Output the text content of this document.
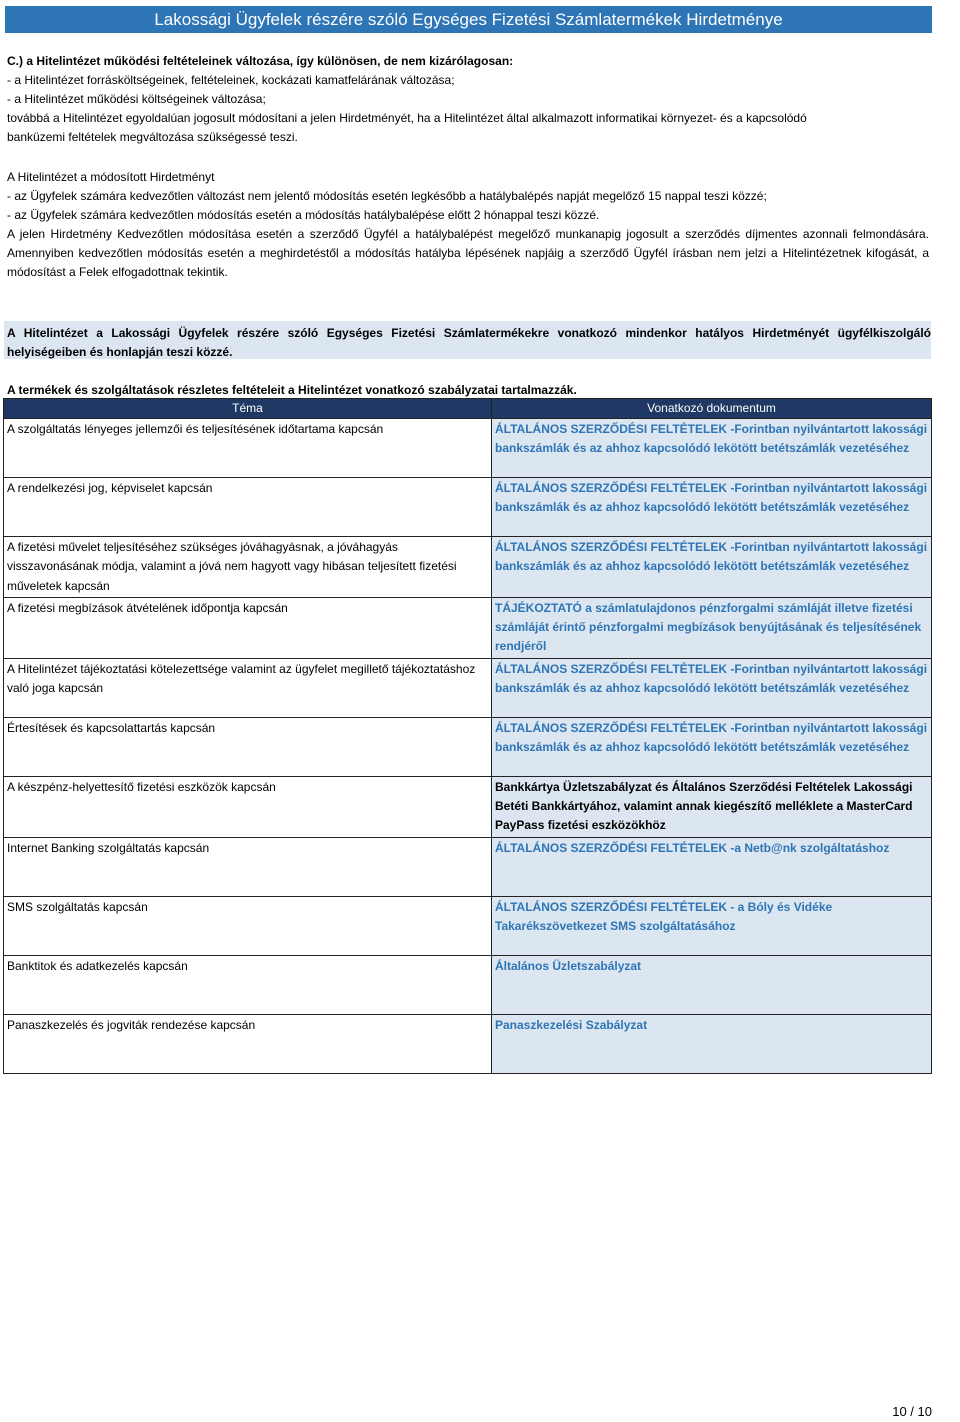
Lakossági Ügyfelek részére szóló Egységes Fizetési Számlatermékek Hirdetménye
C.) a Hitelintézet működési feltételeinek változása, így különösen, de nem kizárólagosan:
- a Hitelintézet forrásköltségeinek, feltételeinek, kockázati kamatfelárának változása;
- a Hitelintézet működési költségeinek változása;
továbbá a Hitelintézet egyoldalúan jogosult módosítani a jelen Hirdetményét, ha a Hitelintézet által alkalmazott informatikai környezet- és a kapcsolódó
banküzemi feltételek megváltozása szükségessé teszi.
A Hitelintézet a módosított Hirdetményt
- az Ügyfelek számára kedvezőtlen változást nem jelentő módosítás esetén legkésőbb a hatálybalépés napját megelőző 15 nappal teszi közzé;
- az Ügyfelek számára kedvezőtlen módosítás esetén a módosítás hatálybalépése előtt 2 hónappal teszi közzé.
A jelen Hirdetmény Kedvezőtlen módosítása esetén a szerződő Ügyfél a hatálybalépést megelőző munkanapig jogosult a szerződés díjmentes azonnali felmondására. Amennyiben kedvezőtlen módosítás esetén a meghirdetéstől a módosítás hatályba lépésének napjáig a szerződő Ügyfél írásban nem jelzi a Hitelintézetnek kifogását, a módosítást a Felek elfogadottnak tekintik.
A Hitelintézet a Lakossági Ügyfelek részére szóló Egységes Fizetési Számlatermékekre vonatkozó mindenkor hatályos Hirdetményét ügyfélkiszolgáló helyiségeiben és honlapján teszi közzé.
A termékek és szolgáltatások részletes feltételeit a Hitelintézet vonatkozó szabályzatai tartalmazzák.
Téma	Vonatkozó dokumentum
A szolgáltatás lényeges jellemzői és teljesítésének időtartama kapcsán	ÁLTALÁNOS SZERZŐDÉSI FELTÉTELEK -Forintban nyilvántartott lakossági bankszámlák és az ahhoz kapcsolódó lekötött betétszámlák vezetéséhez
A rendelkezési jog, képviselet kapcsán	ÁLTALÁNOS SZERZŐDÉSI FELTÉTELEK -Forintban nyilvántartott lakossági bankszámlák és az ahhoz kapcsolódó lekötött betétszámlák vezetéséhez
A fizetési művelet teljesítéséhez szükséges jóváhagyásnak, a jóváhagyás visszavonásának módja, valamint a jóvá nem hagyott vagy hibásan teljesített fizetési műveletek kapcsán	ÁLTALÁNOS SZERZŐDÉSI FELTÉTELEK -Forintban nyilvántartott lakossági bankszámlák és az ahhoz kapcsolódó lekötött betétszámlák vezetéséhez
A fizetési megbízások átvételének időpontja kapcsán	TÁJÉKOZTATÓ a számlatulajdonos pénzforgalmi számláját illetve fizetési számláját érintő pénzforgalmi megbízások benyújtásának és teljesítésének rendjéről
A Hitelintézet tájékoztatási kötelezettsége valamint az ügyfelet megillető tájékoztatáshoz való joga kapcsán	ÁLTALÁNOS SZERZŐDÉSI FELTÉTELEK -Forintban nyilvántartott lakossági bankszámlák és az ahhoz kapcsolódó lekötött betétszámlák vezetéséhez
Értesítések és kapcsolattartás kapcsán	ÁLTALÁNOS SZERZŐDÉSI FELTÉTELEK -Forintban nyilvántartott lakossági bankszámlák és az ahhoz kapcsolódó lekötött betétszámlák vezetéséhez
A készpénz-helyettesítő fizetési eszközök kapcsán	Bankkártya Üzletszabályzat és Általános Szerződési Feltételek Lakossági Betéti Bankkártyához, valamint annak kiegészítő melléklete a MasterCard PayPass fizetési eszközökhöz
Internet Banking szolgáltatás kapcsán	ÁLTALÁNOS SZERZŐDÉSI FELTÉTELEK -a Netb@nk szolgáltatáshoz
SMS szolgáltatás kapcsán	ÁLTALÁNOS SZERZŐDÉSI FELTÉTELEK - a Bóly és Vidéke Takarékszövetkezet SMS szolgáltatásához
Banktitok és adatkezelés kapcsán	Általános Üzletszabályzat
Panaszkezelés és jogviták rendezése kapcsán	Panaszkezelési Szabályzat
10 / 10
